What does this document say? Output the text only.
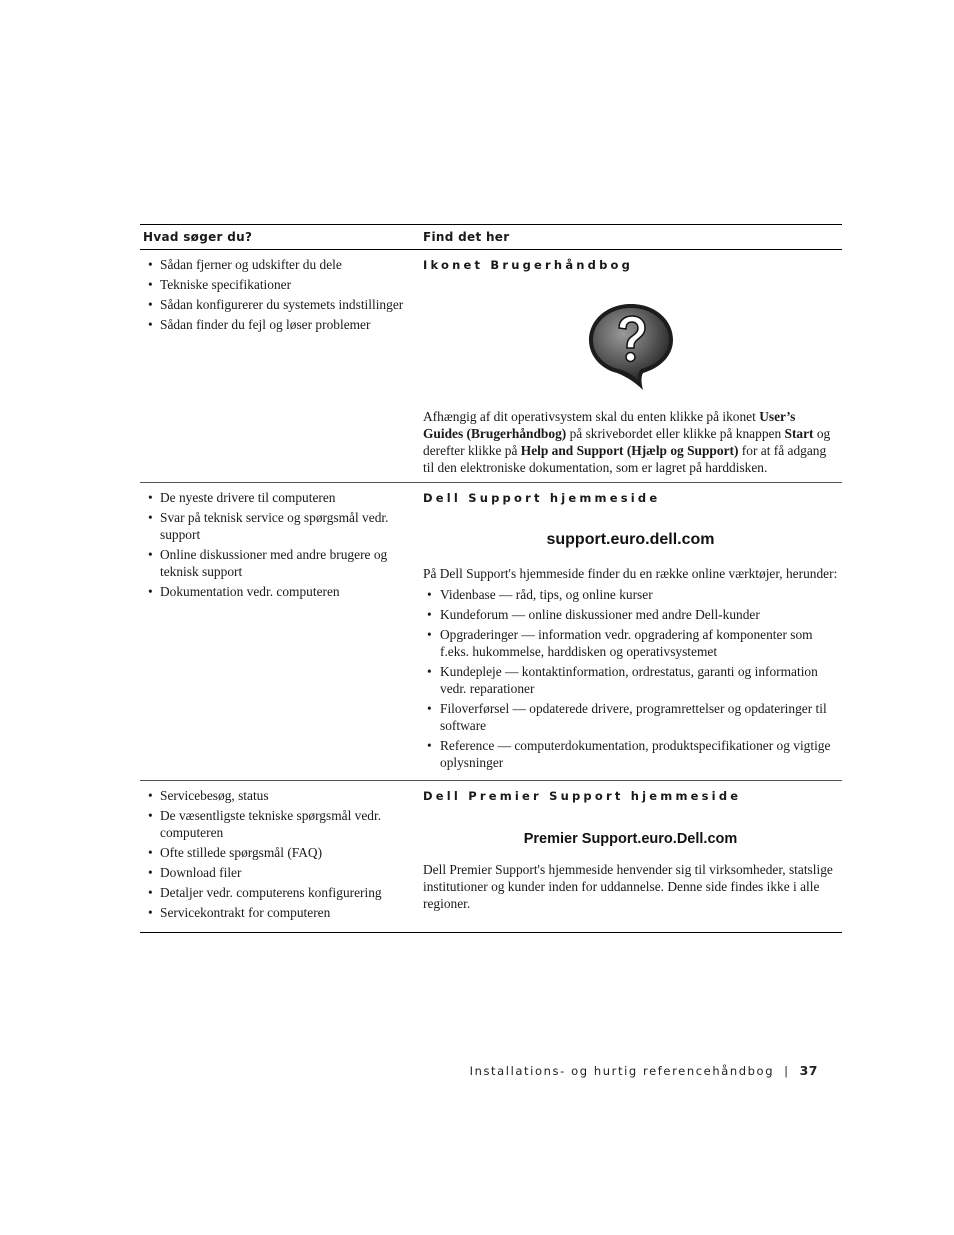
Hvad søger du?	Find det her
• Sådan fjerner og udskifter du dele
• Tekniske specifikationer
• Sådan konfigurerer du systemets indstillinger
• Sådan finder du fejl og løser problemer
Ikonet Brugerhåndbog

Afhængig af dit operativsystem skal du enten klikke på ikonet User’s Guides (Brugerhåndbog) på skrivebordet eller klikke på knappen Start og derefter klikke på Help and Support (Hjælp og Support) for at få adgang til den elektroniske dokumentation, som er lagret på harddisken.

• De nyeste drivere til computeren
• Svar på teknisk service og spørgsmål vedr. support
• Online diskussioner med andre brugere og teknisk support
• Dokumentation vedr. computeren
Dell Support hjemmeside
support.euro.dell.com

På Dell Support's hjemmeside finder du en række online værktøjer, herunder:

• Videnbase — råd, tips, og online kurser
• Kundeforum — online diskussioner med andre Dell-kunder
• Opgraderinger — information vedr. opgradering af komponenter som f.eks. hukommelse, harddisken og operativsystemet
• Kundepleje — kontaktinformation, ordrestatus, garanti og information vedr. reparationer
• Filoverførsel — opdaterede drivere, programrettelser og opdateringer til software
• Reference — computerdokumentation, produktspecifikationer og vigtige oplysninger
• Servicebesøg, status
• De væsentligste tekniske spørgsmål vedr. computeren
• Ofte stillede spørgsmål (FAQ)
• Download filer
• Detaljer vedr. computerens konfigurering
• Servicekontrakt for computeren
Dell Premier Support hjemmeside
Premier Support.euro.Dell.com

Dell Premier Support's hjemmeside henvender sig til virksomheder, statslige institutioner og kunder inden for uddannelse. Denne side findes ikke i alle regioner.

Installations- og hurtig referencehåndbog | 37
